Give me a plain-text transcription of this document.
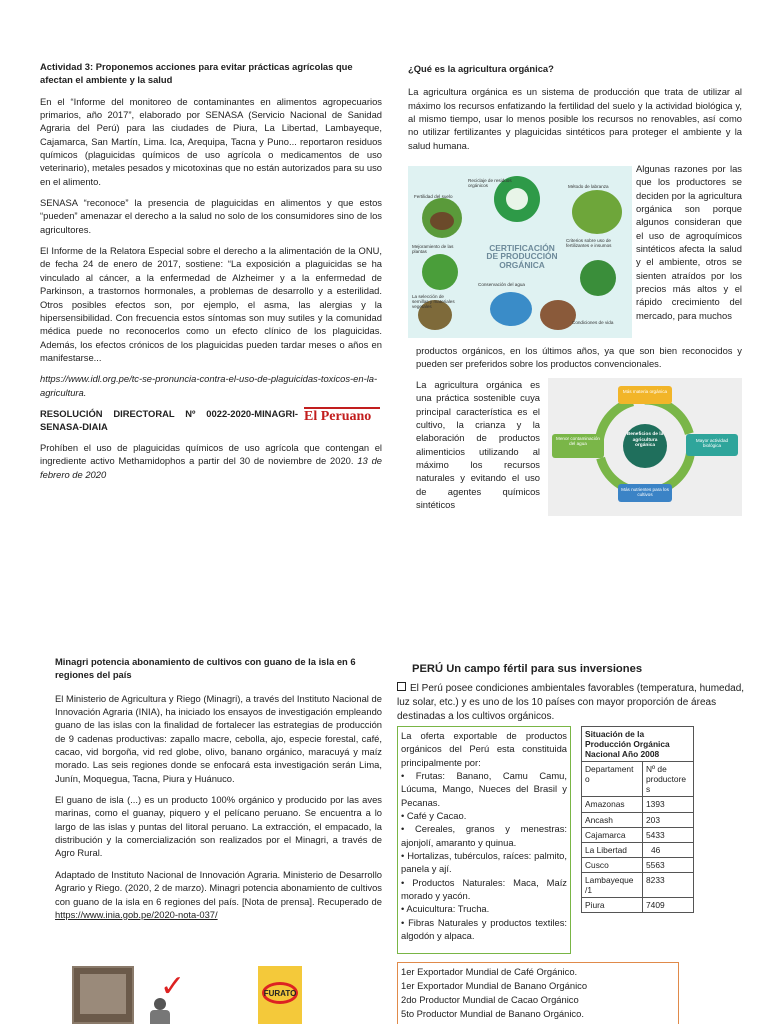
Actividad 3: Proponemos acciones para evitar prácticas agrícolas que afectan el ambiente y la salud

En el “Informe del monitoreo de contaminantes en alimentos agropecuarios primarios, año 2017”, elaborado por SENASA (Servicio Nacional de Sanidad Agraria del Perú) para las ciudades de Piura, La Libertad, Lambayeque, Cajamarca, San Martín, Lima. Ica, Arequipa, Tacna y Puno... reportaron residuos químicos (plaguicidas químicos de uso agrícola o medicamentos de uso veterinario), metales pesados y micotoxinas que no están autorizados para su uso en el alimento.

SENASA “reconoce” la presencia de plaguicidas en alimentos y que estos “pueden” amenazar el derecho a la salud no solo de los consumidores sino de los agricultores.

El Informe de la Relatora Especial sobre el derecho a la alimentación de la ONU, de fecha 24 de enero de 2017, sostiene: “La exposición a plaguicidas se ha vinculado al cáncer, a la enfermedad de Alzheimer y a la enfermedad de Parkinson, a trastornos hormonales, a problemas de desarrollo y a esterilidad. Otros posibles efectos son, por ejemplo, el asma, las alergias y la hipersensibilidad. Con frecuencia estos síntomas son muy sutiles y la comunidad médica puede no reconocerlos como un efecto clínico de los plaguicidas. Además, los efectos crónicos de los plaguicidas pueden tardar meses o años en manifestarse...

https://www.idl.org.pe/tc-se-pronuncia-contra-el-uso-de-plaguicidas-toxicos-en-la-agricultura.

RESOLUCIÓN DIRECTORAL Nº 0022-2020-MINAGRI-SENASA-DIAIA

El Peruano

Prohíben el uso de plaguicidas químicos de uso agrícola que contengan el ingrediente activo Methamidophos a partir del 30 de noviembre de 2020. 13 de febrero de 2020

¿Qué es la agricultura orgánica?

La agricultura orgánica es un sistema de producción que trata de utilizar al máximo los recursos enfatizando la fertilidad del suelo y la actividad biológica y, al mismo tiempo, usar lo menos posible los recursos no renovables, así como no utilizar fertilizantes y plaguicidas sintéticos para proteger el ambiente y la salud humana.

Reciclaje de residuos orgánicos
Fertilidad del suelo
Método de labranza
Mejoramiento de las plantas
Criterios sobre uso de fertilizantes e insumos
Conservación del agua
La selección de semillas y materiales vegetales
Condiciones de vida
CERTIFICACIÓN
DE PRODUCCIÓN
ORGÁNICA
Algunas razones por las que los productores se deciden por la agricultura orgánica son porque algunos consideran que el uso de agroquímicos sintéticos afecta la salud y el ambiente, otros se sienten atraídos por los precios más altos y el rápido crecimiento del mercado, para muchos
productos orgánicos, en los últimos años, ya que son bien reconocidos y pueden ser preferidos sobre los productos convencionales.
La agricultura orgánica es una práctica sostenible cuya principal característica es el cultivo, la crianza y la elaboración de productos alimenticios utilizando al máximo los recursos naturales y evitando el uso de agentes químicos sintéticos
Beneficios de la agricultura orgánica
Más materia orgánica
Mayor actividad biológica
Más nutrientes para los cultivos
Menor contaminación del agua

Minagri potencia abonamiento de cultivos con guano de la isla en 6 regiones del país

El Ministerio de Agricultura y Riego (Minagri), a través del Instituto Nacional de Innovación Agraria (INIA), ha iniciado los ensayos de investigación empleando guano de las islas con la finalidad de fortalecer las estrategias de producción de 9 cadenas productivas: zapallo macre, cebolla, ajo, especie forestal, café, cacao, vid borgoña, vid red globe, olivo, banano orgánico, maracuyá y maíz morado. Las seis regiones donde se enfocará esta investigación serán Lima, Junín, Moquegua, Tacna, Piura y Huánuco.

El guano de isla (...) es un producto 100% orgánico y producido por las aves marinas, como el guanay, piquero y el pelícano peruano. Se encuentra a lo largo de las islas y puntas del litoral peruano. La extracción, el empacado, la distribución y la comercialización son realizados por el Minagri, a través de Agro Rural.

Adaptado de Instituto Nacional de Innovación Agraria. Ministerio de Desarrollo Agrario y Riego. (2020, 2 de marzo). Minagri potencia abonamiento de cultivos con guano de la isla en 6 regiones del país. [Nota de prensa]. Recuperado de https://www.inia.gob.pe/2020-nota-037/

✓	FURATO

PERÚ Un campo fértil para sus inversiones

El Perú posee condiciones ambientales favorables (temperatura, humedad, luz solar, etc.) y es uno de los 10 países con mayor proporción de áreas destinadas a los cultivos orgánicos.

La oferta exportable de productos orgánicos del Perú esta constituida principalmente por:

• Frutas: Banano, Camu Camu, Lúcuma, Mango, Nueces del Brasil y Pecanas.

• Café y Cacao.

• Cereales, granos y menestras: ajonjolí, amaranto y quinua.

• Hortalizas, tubérculos, raíces: palmito, panela y ají.

• Productos Naturales: Maca, Maíz morado y yacón.

• Acuicultura: Trucha.

• Fibras Naturales y productos textiles: algodón y alpaca.

Situación de la Producción Orgánica Nacional Año 2008	
Departament o	Nº de productore s
Amazonas	1393
Ancash	203
Cajamarca	5433
La Libertad	46
Cusco	5563
Lambayeque /1	8233
Piura	7409
1er Exportador Mundial de Café Orgánico.
1er Exportador Mundial de Banano Orgánico
2do Productor Mundial de Cacao Orgánico
5to Productor Mundial de Banano Orgánico.
